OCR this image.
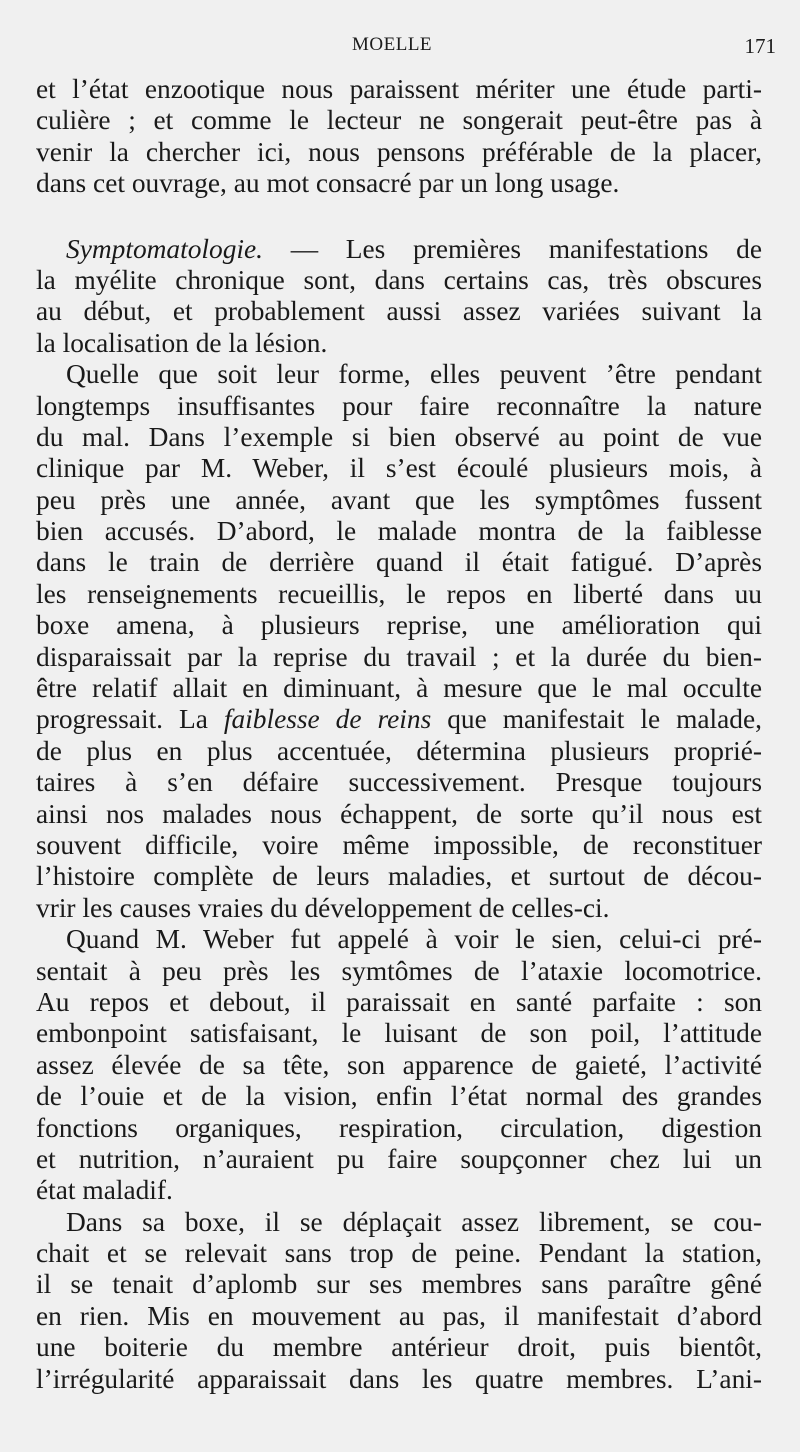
MOELLE	171
et l’état enzootique nous paraissent mériter une étude parti-
culière ; et comme le lecteur ne songerait peut-être pas à
venir la chercher ici, nous pensons préférable de la placer,
dans cet ouvrage, au mot consacré par un long usage.
Symptomatologie. — Les premières manifestations de
la myélite chronique sont, dans certains cas, très obscures
au début, et probablement aussi assez variées suivant la
la localisation de la lésion.
Quelle que soit leur forme, elles peuvent ’être pendant
longtemps insuffisantes pour faire reconnaître la nature
du mal. Dans l’exemple si bien observé au point de vue
clinique par M. Weber, il s’est écoulé plusieurs mois, à
peu près une année, avant que les symptômes fussent
bien accusés. D’abord, le malade montra de la faiblesse
dans le train de derrière quand il était fatigué. D’après
les renseignements recueillis, le repos en liberté dans uu
boxe amena, à plusieurs reprise, une amélioration qui
disparaissait par la reprise du travail ; et la durée du bien-
être relatif allait en diminuant, à mesure que le mal occulte
progressait. La faiblesse de reins que manifestait le malade,
de plus en plus accentuée, détermina plusieurs proprié-
taires à s’en défaire successivement. Presque toujours
ainsi nos malades nous échappent, de sorte qu’il nous est
souvent difficile, voire même impossible, de reconstituer
l’histoire complète de leurs maladies, et surtout de décou-
vrir les causes vraies du développement de celles-ci.
Quand M. Weber fut appelé à voir le sien, celui-ci pré-
sentait à peu près les symtômes de l’ataxie locomotrice.
Au repos et debout, il paraissait en santé parfaite : son
embonpoint satisfaisant, le luisant de son poil, l’attitude
assez élevée de sa tête, son apparence de gaieté, l’activité
de l’ouie et de la vision, enfin l’état normal des grandes
fonctions organiques, respiration, circulation, digestion
et nutrition, n’auraient pu faire soupçonner chez lui un
état maladif.
Dans sa boxe, il se déplaçait assez librement, se cou-
chait et se relevait sans trop de peine. Pendant la station,
il se tenait d’aplomb sur ses membres sans paraître gêné
en rien. Mis en mouvement au pas, il manifestait d’abord
une boiterie du membre antérieur droit, puis bientôt,
l’irrégularité apparaissait dans les quatre membres. L’ani-
